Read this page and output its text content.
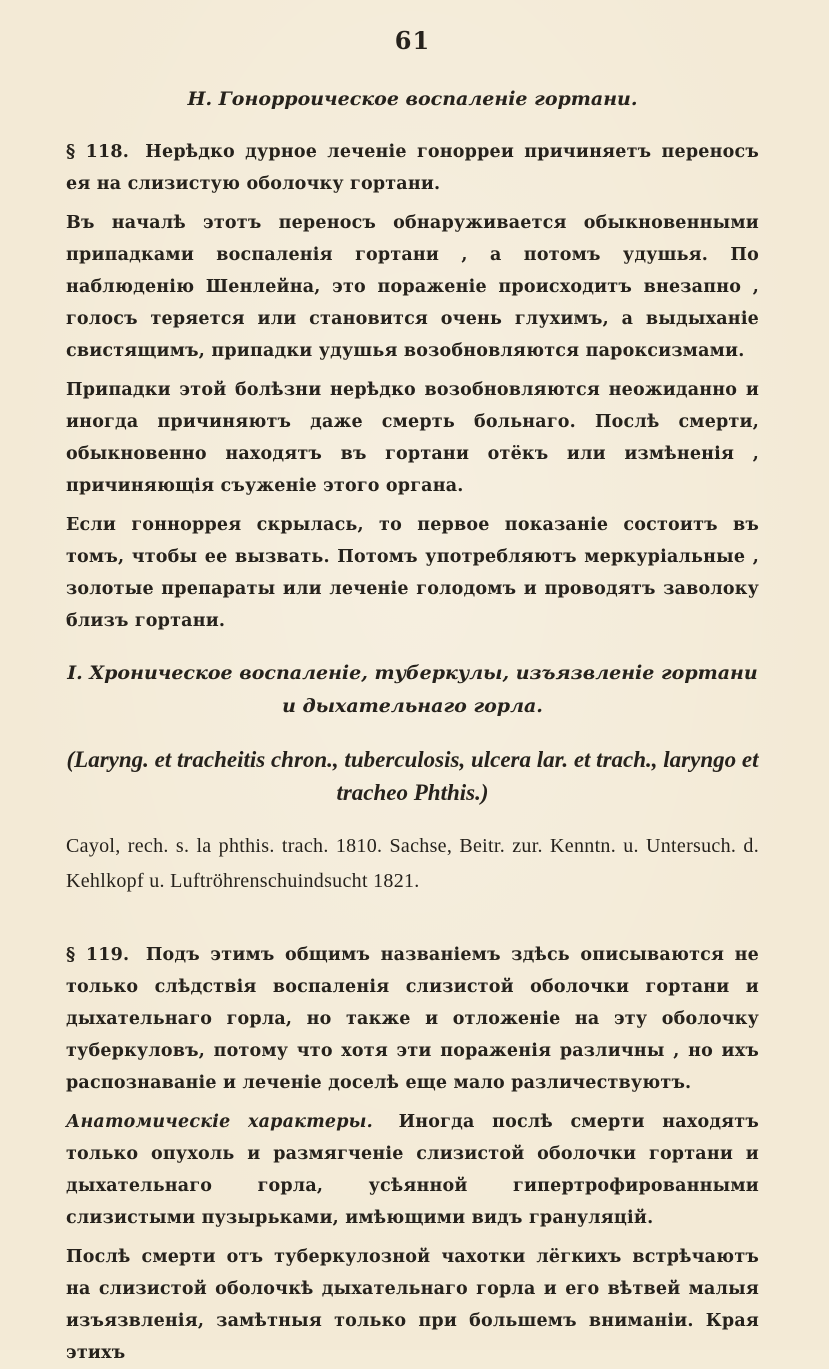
61

Н. Гонорроическое воспаленіе гортани.

§ 118. Нерѣдко дурное леченіе гонорреи причиняетъ переносъ ея на слизистую оболочку гортани.

Въ началѣ этотъ переносъ обнаруживается обыкновенными припадками воспаленія гортани , а потомъ удушья. По наблюденію Шенлейна, это пораженіе происходитъ внезапно , голосъ теряется или становится очень глухимъ, а выдыханіе свистящимъ, припадки удушья возобновляются пароксизмами.

Припадки этой болѣзни нерѣдко возобновляются неожиданно и иногда причиняютъ даже смерть больнаго. Послѣ смерти, обыкновенно находятъ въ гортани отёкъ или измѣненія , причиняющія съуженіе этого органа.

Если гонноррея скрылась, то первое показаніе состоитъ въ томъ, чтобы ее вызвать. Потомъ употребляютъ меркуріальные , золотые препараты или леченіе голодомъ и проводятъ заволоку близъ гортани.

I. Хроническое воспаленіе, туберкулы, изъязвленіе гортани и дыхательнаго горла.

(Laryng. et tracheitis chron., tuberculosis, ulcera lar. et trach., laryngo et tracheo Phthis.)

Cayol, rech. s. la phthis. trach. 1810. Sachse, Beitr. zur. Kenntn. u. Untersuch. d. Kehlkopf u. Luftröhrenschuindsucht 1821.

§ 119. Подъ этимъ общимъ названіемъ здѣсь описываются не только слѣдствія воспаленія слизистой оболочки гортани и дыхательнаго горла, но также и отложеніе на эту оболочку туберкуловъ, потому что хотя эти пораженія различны , но ихъ распознаваніе и леченіе доселѣ еще мало различествуютъ.

Анатомическіе характеры. Иногда послѣ смерти находятъ только опухоль и размягченіе слизистой оболочки гортани и дыхательнаго горла, усѣянной гипертрофированными слизистыми пузырьками, имѣющими видъ грануляцій.

Послѣ смерти отъ туберкулозной чахотки лёгкихъ встрѣчаютъ на слизистой оболочкѣ дыхательнаго горла и его вѣтвей малыя изъязвленія, замѣтныя только при большемъ вниманіи. Края этихъ
